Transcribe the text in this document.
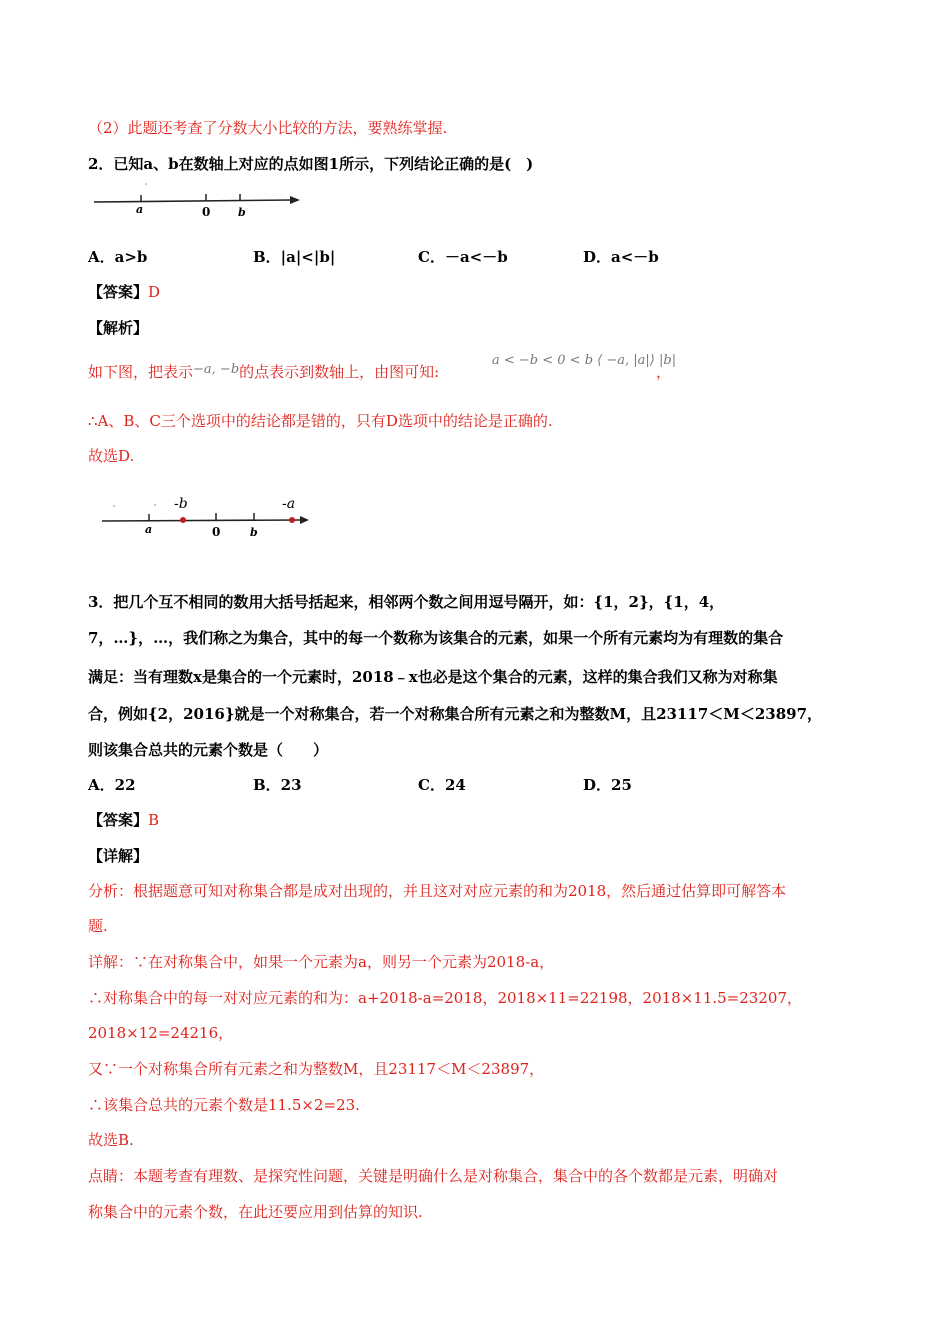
（2）此题还考查了分数大小比较的方法，要熟练掌握.
2．已知a、b在数轴上对应的点如图1所示，下列结论正确的是(　)
a	0	b
A．a>b	B．|a|<|b|	C．－a<－b	D．a<－b
【答案】D
【解析】
如下图，把表示−a, −b的点表示到数轴上，由图可知:
a < −b < 0 < b ⟨ −a, |a|⟩ |b|
，
∴A、B、C三个选项中的结论都是错的，只有D选项中的结论是正确的.
故选D.
-b	-a
a	0	b
3．把几个互不相同的数用大括号括起来，相邻两个数之间用逗号隔开，如：{1，2}，{1，4，
7，…}，…，我们称之为集合，其中的每一个数称为该集合的元素，如果一个所有元素均为有理数的集合
满足：当有理数x是集合的一个元素时，2018﹣x也必是这个集合的元素，这样的集合我们又称为对称集
合，例如{2，2016}就是一个对称集合，若一个对称集合所有元素之和为整数M，且23117＜M＜23897，
则该集合总共的元素个数是（　　）
A．22	B．23	C．24	D．25
【答案】B
【详解】
分析：根据题意可知对称集合都是成对出现的，并且这对对应元素的和为2018，然后通过估算即可解答本
题.
详解：∵在对称集合中，如果一个元素为a，则另一个元素为2018-a，
∴对称集合中的每一对对应元素的和为：a+2018-a=2018，2018×11=22198，2018×11.5=23207，
2018×12=24216，
又∵一个对称集合所有元素之和为整数M，且23117＜M＜23897，
∴该集合总共的元素个数是11.5×2=23.
故选B.
点睛：本题考查有理数、是探究性问题，关键是明确什么是对称集合，集合中的各个数都是元素，明确对
称集合中的元素个数，在此还要应用到估算的知识.
